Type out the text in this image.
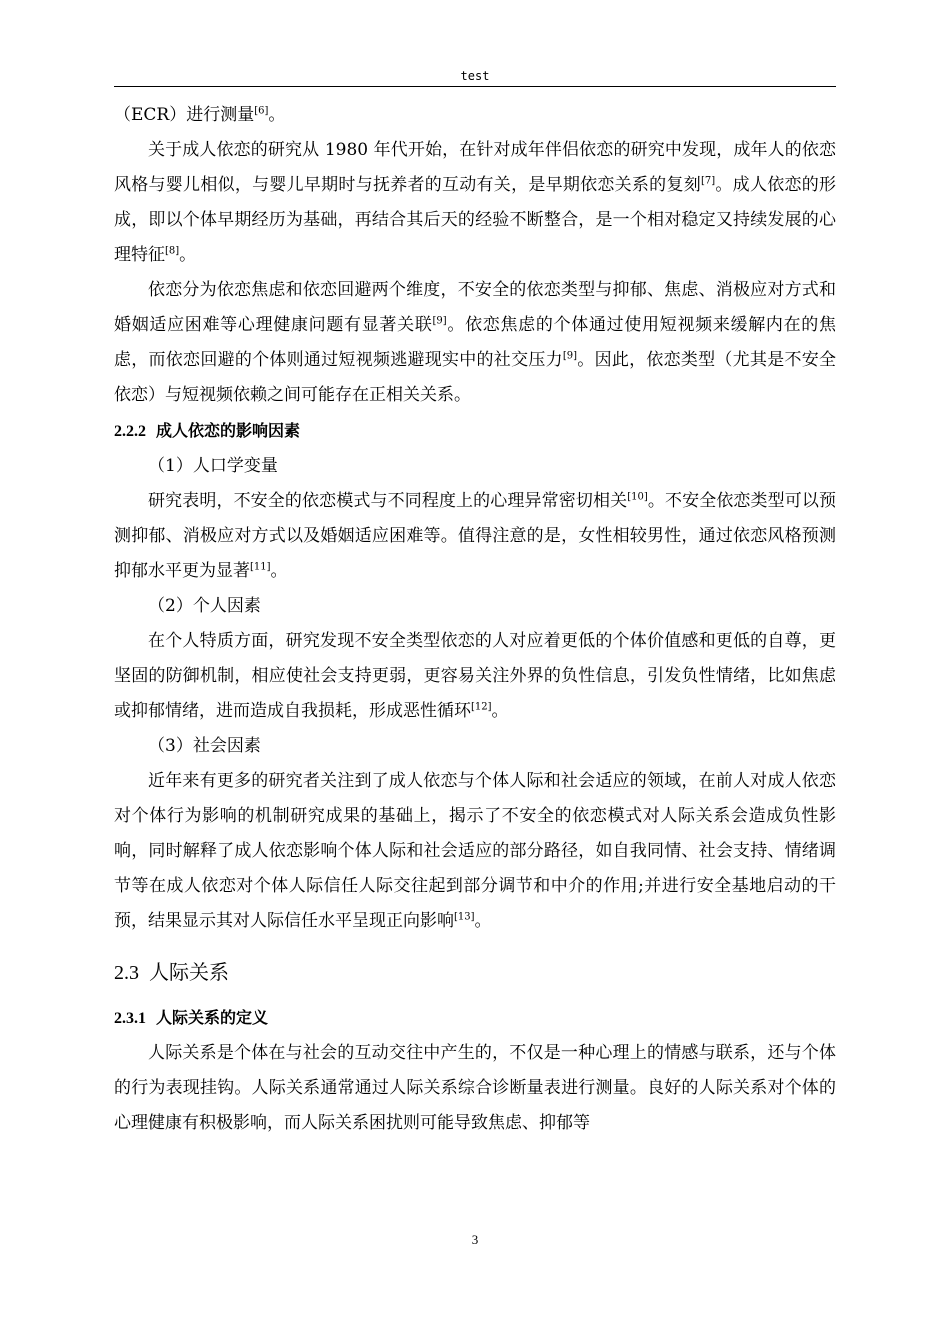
test

（ECR）进行测量[6]。

关于成人依恋的研究从 1980 年代开始，在针对成年伴侣依恋的研究中发现，成年人的依恋风格与婴儿相似，与婴儿早期时与抚养者的互动有关，是早期依恋关系的复刻[7]。成人依恋的形成，即以个体早期经历为基础，再结合其后天的经验不断整合，是一个相对稳定又持续发展的心理特征[8]。

依恋分为依恋焦虑和依恋回避两个维度，不安全的依恋类型与抑郁、焦虑、消极应对方式和婚姻适应困难等心理健康问题有显著关联[9]。依恋焦虑的个体通过使用短视频来缓解内在的焦虑，而依恋回避的个体则通过短视频逃避现实中的社交压力[9]。因此，依恋类型（尤其是不安全依恋）与短视频依赖之间可能存在正相关关系。

2.2.2 成人依恋的影响因素

（1）人口学变量

研究表明，不安全的依恋模式与不同程度上的心理异常密切相关[10]。不安全依恋类型可以预测抑郁、消极应对方式以及婚姻适应困难等。值得注意的是，女性相较男性，通过依恋风格预测抑郁水平更为显著[11]。

（2）个人因素

在个人特质方面，研究发现不安全类型依恋的人对应着更低的个体价值感和更低的自尊，更坚固的防御机制，相应使社会支持更弱，更容易关注外界的负性信息，引发负性情绪，比如焦虑或抑郁情绪，进而造成自我损耗，形成恶性循环[12]。

（3）社会因素

近年来有更多的研究者关注到了成人依恋与个体人际和社会适应的领域，在前人对成人依恋对个体行为影响的机制研究成果的基础上，揭示了不安全的依恋模式对人际关系会造成负性影响，同时解释了成人依恋影响个体人际和社会适应的部分路径，如自我同情、社会支持、情绪调节等在成人依恋对个体人际信任人际交往起到部分调节和中介的作用;并进行安全基地启动的干预，结果显示其对人际信任水平呈现正向影响[13]。

2.3 人际关系

2.3.1 人际关系的定义

人际关系是个体在与社会的互动交往中产生的，不仅是一种心理上的情感与联系，还与个体的行为表现挂钩。人际关系通常通过人际关系综合诊断量表进行测量。良好的人际关系对个体的心理健康有积极影响，而人际关系困扰则可能导致焦虑、抑郁等

3
